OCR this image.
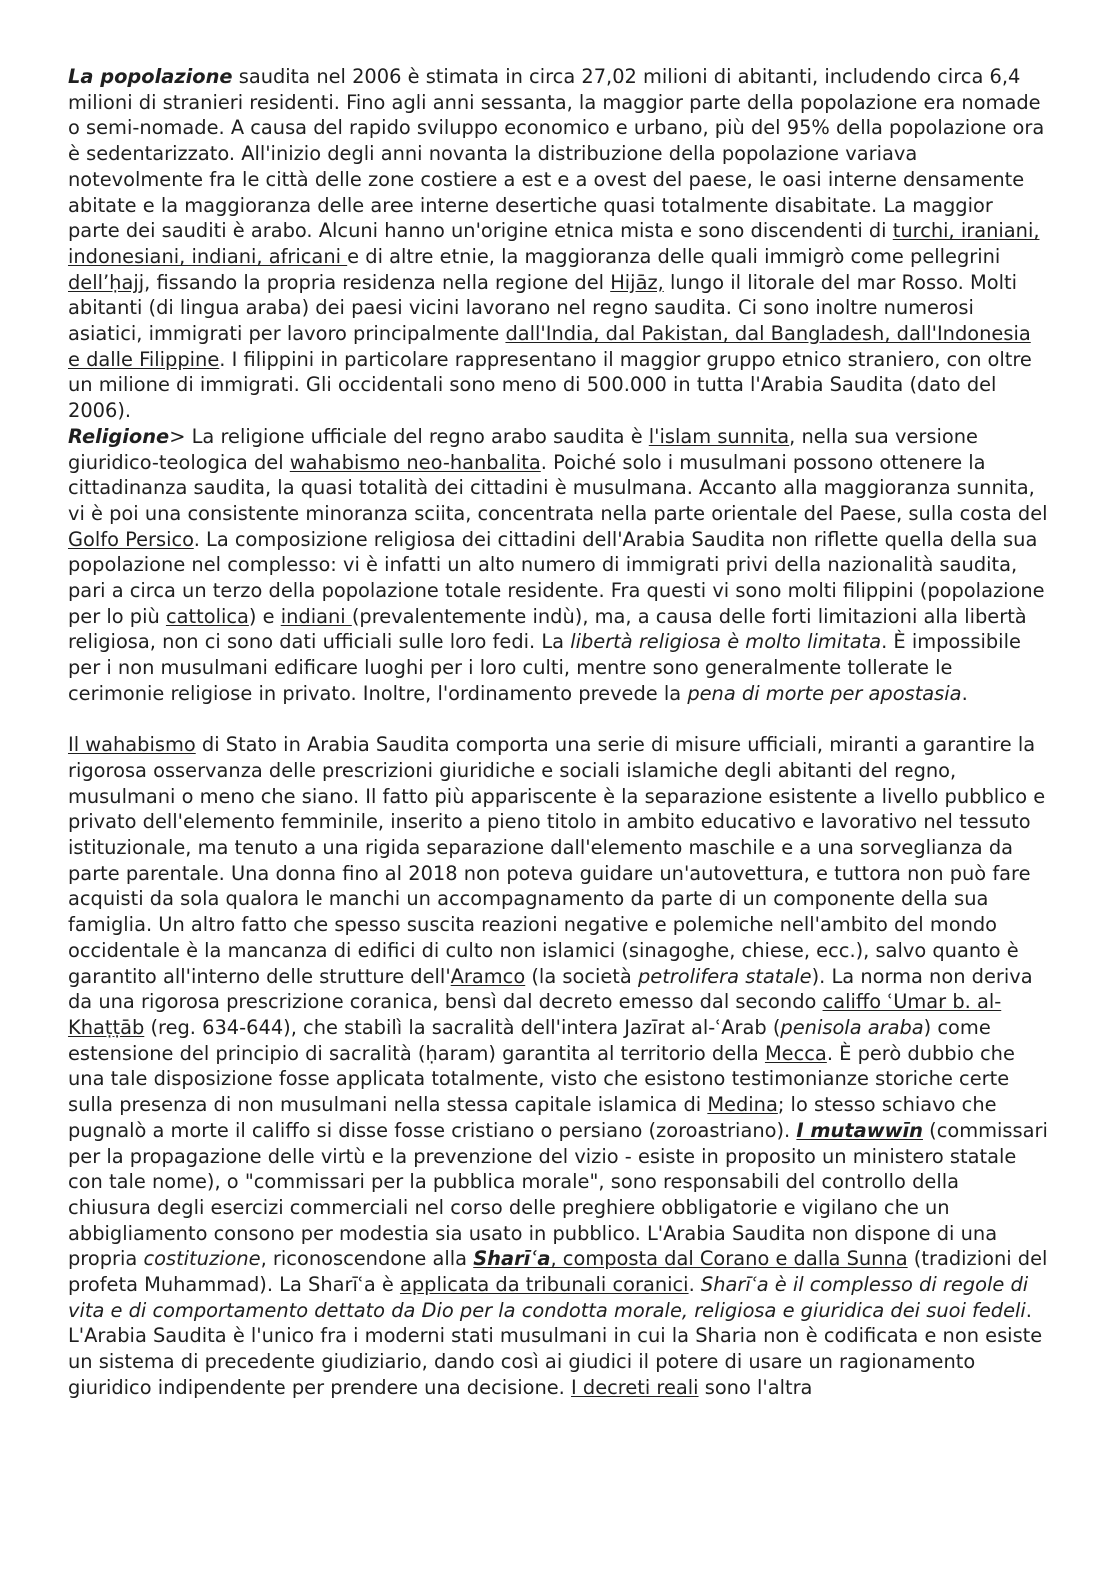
La popolazione saudita nel 2006 è stimata in circa 27,02 milioni di abitanti, includendo circa 6,4 milioni di stranieri residenti. Fino agli anni sessanta, la maggior parte della popolazione era nomade o semi-nomade. A causa del rapido sviluppo economico e urbano, più del 95% della popolazione ora è sedentarizzato. All'inizio degli anni novanta la distribuzione della popolazione variava notevolmente fra le città delle zone costiere a est e a ovest del paese, le oasi interne densamente abitate e la maggioranza delle aree interne desertiche quasi totalmente disabitate. La maggior parte dei sauditi è arabo. Alcuni hanno un'origine etnica mista e sono discendenti di turchi, iraniani, indonesiani, indiani, africani e di altre etnie, la maggioranza delle quali immigrò come pellegrini dell’ḥajj, fissando la propria residenza nella regione del Hijāz, lungo il litorale del mar Rosso. Molti abitanti (di lingua araba) dei paesi vicini lavorano nel regno saudita. Ci sono inoltre numerosi asiatici, immigrati per lavoro principalmente dall'India, dal Pakistan, dal Bangladesh, dall'Indonesia e dalle Filippine. I filippini in particolare rappresentano il maggior gruppo etnico straniero, con oltre un milione di immigrati. Gli occidentali sono meno di 500.000 in tutta l'Arabia Saudita (dato del 2006).

Religione> La religione ufficiale del regno arabo saudita è l'islam sunnita, nella sua versione giuridico-teologica del wahabismo neo-hanbalita. Poiché solo i musulmani possono ottenere la cittadinanza saudita, la quasi totalità dei cittadini è musulmana. Accanto alla maggioranza sunnita, vi è poi una consistente minoranza sciita, concentrata nella parte orientale del Paese, sulla costa del Golfo Persico. La composizione religiosa dei cittadini dell'Arabia Saudita non riflette quella della sua popolazione nel complesso: vi è infatti un alto numero di immigrati privi della nazionalità saudita, pari a circa un terzo della popolazione totale residente. Fra questi vi sono molti filippini (popolazione per lo più cattolica) e indiani (prevalentemente indù), ma, a causa delle forti limitazioni alla libertà religiosa, non ci sono dati ufficiali sulle loro fedi. La libertà religiosa è molto limitata. È impossibile per i non musulmani edificare luoghi per i loro culti, mentre sono generalmente tollerate le cerimonie religiose in privato. Inoltre, l'ordinamento prevede la pena di morte per apostasia.

Il wahabismo di Stato in Arabia Saudita comporta una serie di misure ufficiali, miranti a garantire la rigorosa osservanza delle prescrizioni giuridiche e sociali islamiche degli abitanti del regno, musulmani o meno che siano. Il fatto più appariscente è la separazione esistente a livello pubblico e privato dell'elemento femminile, inserito a pieno titolo in ambito educativo e lavorativo nel tessuto istituzionale, ma tenuto a una rigida separazione dall'elemento maschile e a una sorveglianza da parte parentale. Una donna fino al 2018 non poteva guidare un'autovettura, e tuttora non può fare acquisti da sola qualora le manchi un accompagnamento da parte di un componente della sua famiglia. Un altro fatto che spesso suscita reazioni negative e polemiche nell'ambito del mondo occidentale è la mancanza di edifici di culto non islamici (sinagoghe, chiese, ecc.), salvo quanto è garantito all'interno delle strutture dell'Aramco (la società petrolifera statale). La norma non deriva da una rigorosa prescrizione coranica, bensì dal decreto emesso dal secondo califfo ʿUmar b. al-Khaṭṭāb (reg. 634-644), che stabilì la sacralità dell'intera Jazīrat al-ʿArab (penisola araba) come estensione del principio di sacralità (ḥaram) garantita al territorio della Mecca. È però dubbio che una tale disposizione fosse applicata totalmente, visto che esistono testimonianze storiche certe sulla presenza di non musulmani nella stessa capitale islamica di Medina; lo stesso schiavo che pugnalò a morte il califfo si disse fosse cristiano o persiano (zoroastriano). I mutawwīn (commissari per la propagazione delle virtù e la prevenzione del vizio - esiste in proposito un ministero statale con tale nome), o "commissari per la pubblica morale", sono responsabili del controllo della chiusura degli esercizi commerciali nel corso delle preghiere obbligatorie e vigilano che un abbigliamento consono per modestia sia usato in pubblico. L'Arabia Saudita non dispone di una propria costituzione, riconoscendone alla Sharīʿa, composta dal Corano e dalla Sunna (tradizioni del profeta Muhammad). La Sharīʿa è applicata da tribunali coranici. Sharīʿa è il complesso di regole di vita e di comportamento dettato da Dio per la condotta morale, religiosa e giuridica dei suoi fedeli.

L'Arabia Saudita è l'unico fra i moderni stati musulmani in cui la Sharia non è codificata e non esiste un sistema di precedente giudiziario, dando così ai giudici il potere di usare un ragionamento giuridico indipendente per prendere una decisione. I decreti reali sono l'altra
